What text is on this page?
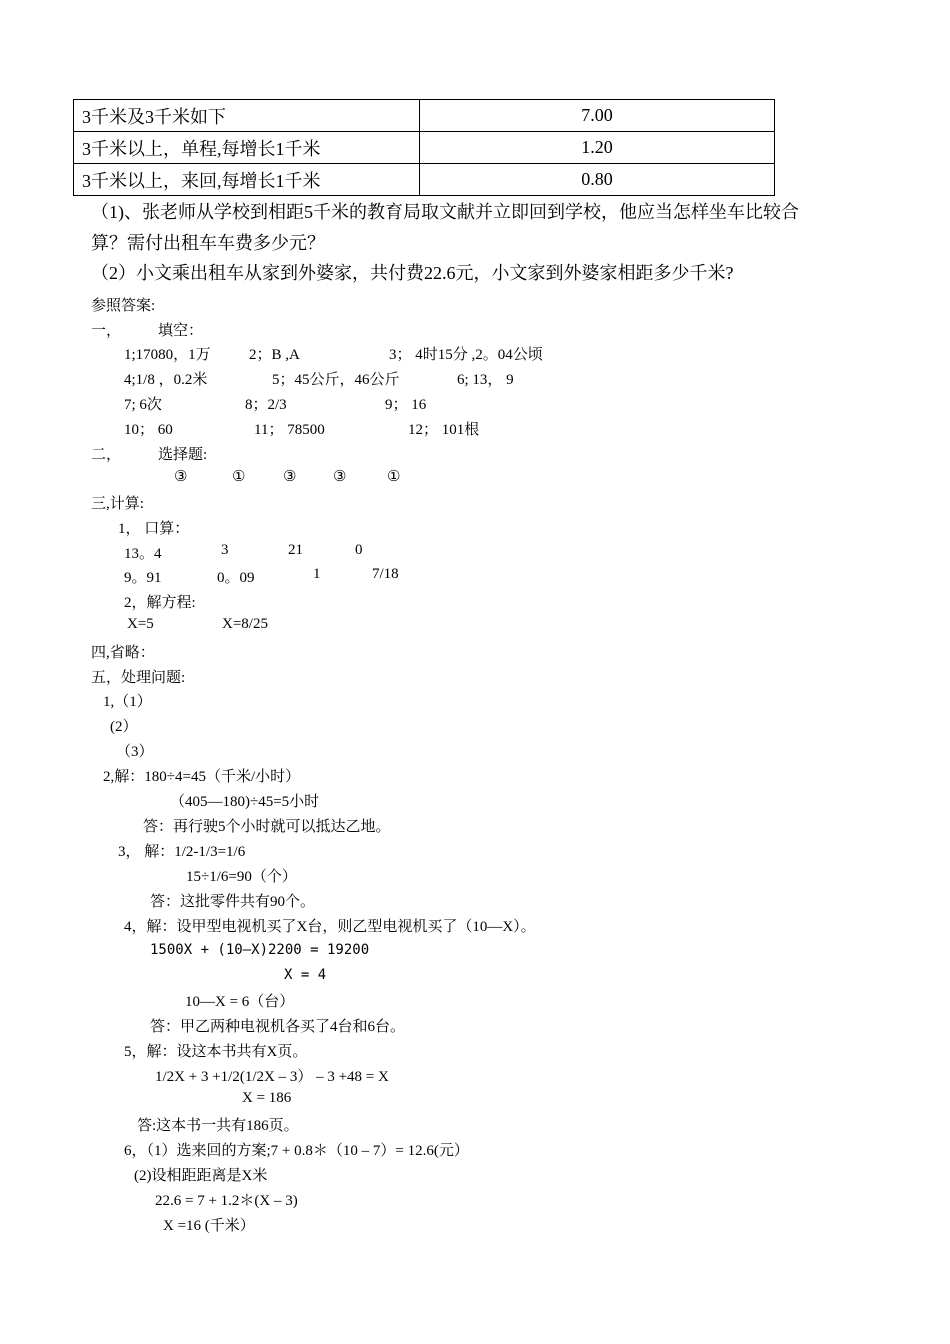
3千米及3千米如下	7.00
3千米以上，单程,每增长1千米	1.20
3千米以上，来回,每增长1千米	0.80
（1)、张老师从学校到相距5千米的教育局取文献并立即回到学校，他应当怎样坐车比较合
算？需付出租车车费多少元？
（2）小文乘出租车从家到外婆家，共付费22.6元，小文家到外婆家相距多少千米?
参照答案:
一， 填空：
1;17080，1万	2；B ,A	3； 4时15分 ,2。04公顷
4;1/8 ，0.2米	5；45公斤，46公斤	6; 13， 9
7; 6次	8；2/3	9； 16
10； 60	11； 78500	12； 101根
二， 选择题:
③	①	③ ③	①
三,计算:
1， 口算：
13。4	3	21	0
9。91	0。09	1	7/18
2，解方程:
X=5	X=8/25
四,省略：
五，处理问题:
1,（1）
(2）
（3）
2,解：180÷4=45（千米/小时）
（405—180)÷45=5小时
答：再行驶5个小时就可以抵达乙地。
3， 解：1/2-1/3=1/6
15÷1/6=90（个）
答：这批零件共有90个。
4，解：设甲型电视机买了X台，则乙型电视机买了（10—X）。
1500X + (10—X)2200 = 19200
X = 4
10—X = 6（台）
答：甲乙两种电视机各买了4台和6台。
5，解：设这本书共有X页。
1/2X + 3 +1/2(1/2X – 3） – 3 +48 = X
X = 186
答:这本书一共有186页。
6，（1）选来回的方案;7 + 0.8＊（10 – 7）= 12.6(元）
(2)设相距距离是X米
22.6 = 7 + 1.2＊(X – 3)
X =16 (千米）
